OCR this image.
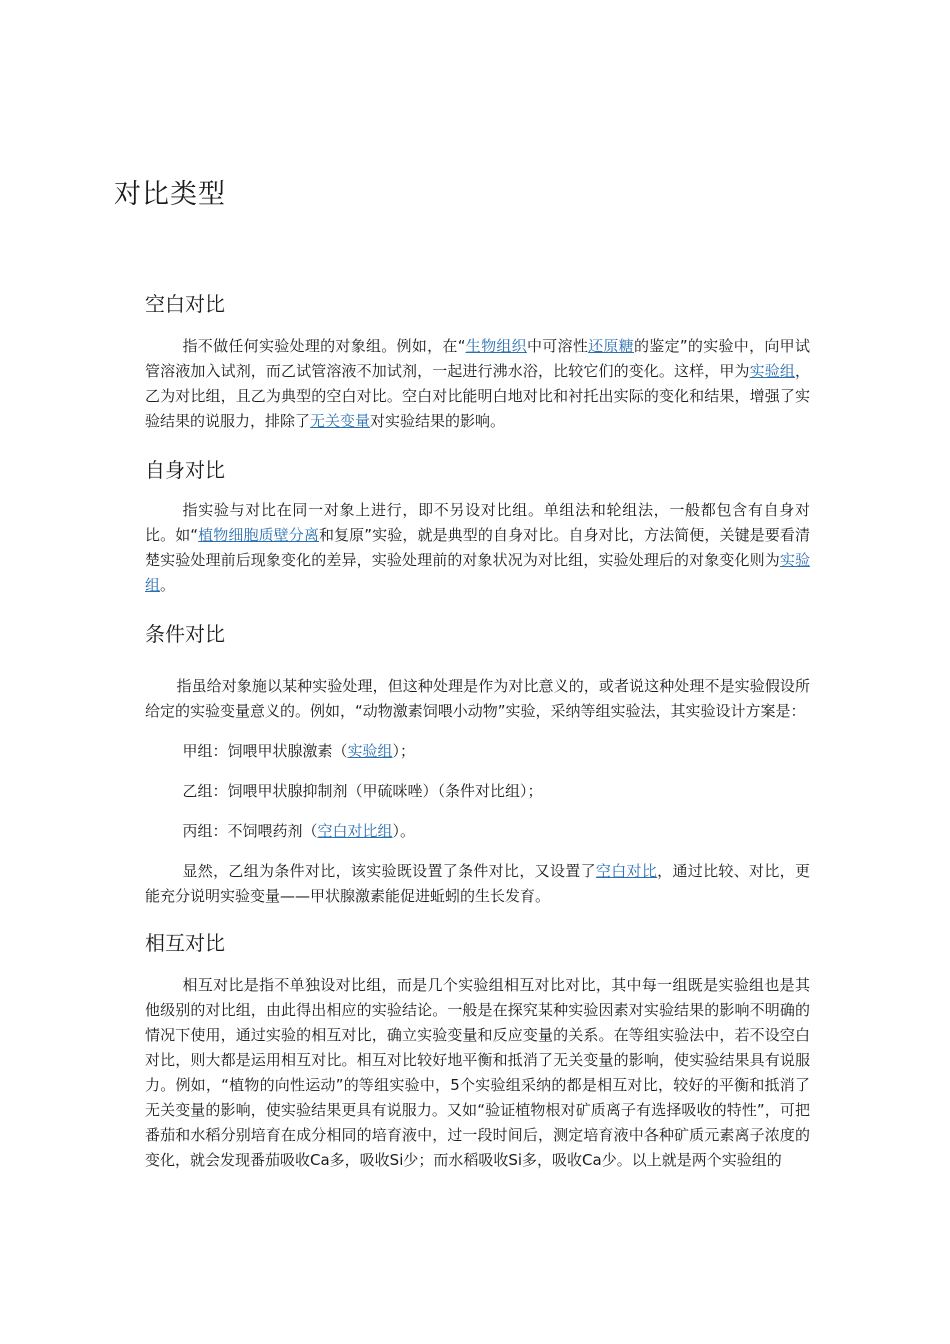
对比类型
空白对比

指不做任何实验处理的对象组。例如，在“生物组织中可溶性还原糖的鉴定”的实验中，向甲试管溶液加入试剂，而乙试管溶液不加试剂，一起进行沸水浴，比较它们的变化。这样，甲为实验组，乙为对比组，且乙为典型的空白对比。空白对比能明白地对比和衬托出实际的变化和结果，增强了实验结果的说服力，排除了无关变量对实验结果的影响。

自身对比

指实验与对比在同一对象上进行，即不另设对比组。单组法和轮组法，一般都包含有自身对比。如“植物细胞质壁分离和复原”实验，就是典型的自身对比。自身对比，方法简便，关键是要看清楚实验处理前后现象变化的差异，实验处理前的对象状况为对比组，实验处理后的对象变化则为实验组。

条件对比

指虽给对象施以某种实验处理，但这种处理是作为对比意义的，或者说这种处理不是实验假设所给定的实验变量意义的。例如，“动物激素饲喂小动物”实验，采纳等组实验法，其实验设计方案是：

甲组：饲喂甲状腺激素（实验组）；

乙组：饲喂甲状腺抑制剂（甲硫咪唑）（条件对比组）；

丙组：不饲喂药剂（空白对比组）。

显然，乙组为条件对比，该实验既设置了条件对比，又设置了空白对比，通过比较、对比，更能充分说明实验变量——甲状腺激素能促进蚯蚓的生长发育。

相互对比

相互对比是指不单独设对比组，而是几个实验组相互对比对比，其中每一组既是实验组也是其他级别的对比组，由此得出相应的实验结论。一般是在探究某种实验因素对实验结果的影响不明确的情况下使用，通过实验的相互对比，确立实验变量和反应变量的关系。在等组实验法中，若不设空白对比，则大都是运用相互对比。相互对比较好地平衡和抵消了无关变量的影响，使实验结果具有说服力。例如，“植物的向性运动”的等组实验中，5个实验组采纳的都是相互对比，较好的平衡和抵消了无关变量的影响，使实验结果更具有说服力。又如“验证植物根对矿质离子有选择吸收的特性”，可把番茄和水稻分别培育在成分相同的培育液中，过一段时间后，测定培育液中各种矿质元素离子浓度的变化，就会发现番茄吸收Ca多，吸收Si少；而水稻吸收Si多，吸收Ca少。以上就是两个实验组的
